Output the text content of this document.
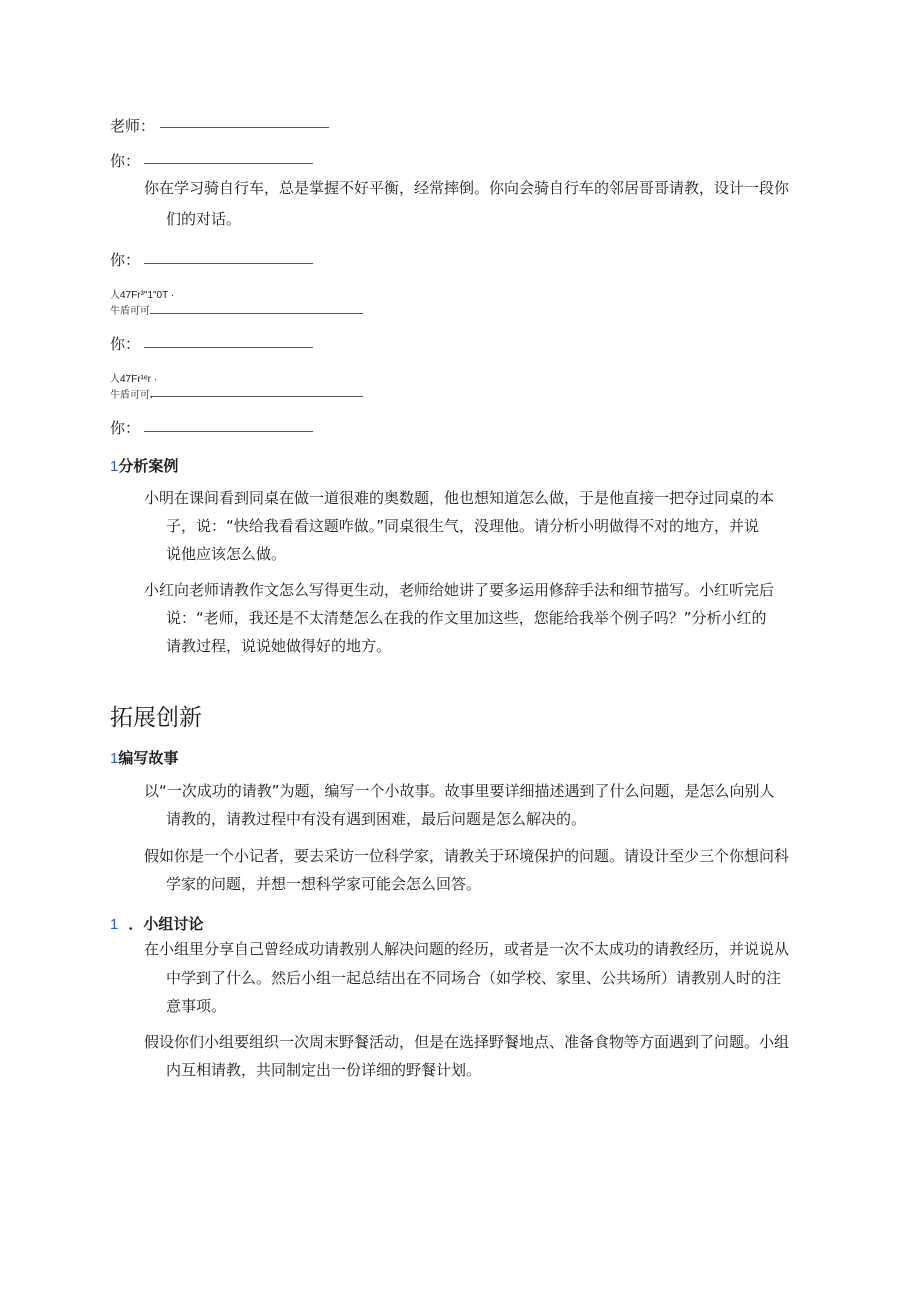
老师：
你：
你在学习骑自行车，总是掌握不好平衡，经常摔倒。你向会骑自行车的邻居哥哥请教，设计一段你
们的对话。
你：
人47Fr³"1"0T ·
牛盾可可.
你：
人47Fr¹ᵉr ·
牛盾可可.
你：
1分析案例
小明在课间看到同桌在做一道很难的奥数题，他也想知道怎么做，于是他直接一把夺过同桌的本
子，说：“快给我看看这题咋做。”同桌很生气，没理他。请分析小明做得不对的地方，并说
说他应该怎么做。
小红向老师请教作文怎么写得更生动，老师给她讲了要多运用修辞手法和细节描写。小红听完后
说：“老师，我还是不太清楚怎么在我的作文里加这些，您能给我举个例子吗？”分析小红的
请教过程，说说她做得好的地方。
拓展创新
1编写故事
以“一次成功的请教”为题，编写一个小故事。故事里要详细描述遇到了什么问题，是怎么向别人
请教的，请教过程中有没有遇到困难，最后问题是怎么解决的。
假如你是一个小记者，要去采访一位科学家，请教关于环境保护的问题。请设计至少三个你想问科
学家的问题，并想一想科学家可能会怎么回答。
1 ．小组讨论
在小组里分享自己曾经成功请教别人解决问题的经历，或者是一次不太成功的请教经历，并说说从
中学到了什么。然后小组一起总结出在不同场合（如学校、家里、公共场所）请教别人时的注
意事项。
假设你们小组要组织一次周末野餐活动，但是在选择野餐地点、准备食物等方面遇到了问题。小组
内互相请教，共同制定出一份详细的野餐计划。
